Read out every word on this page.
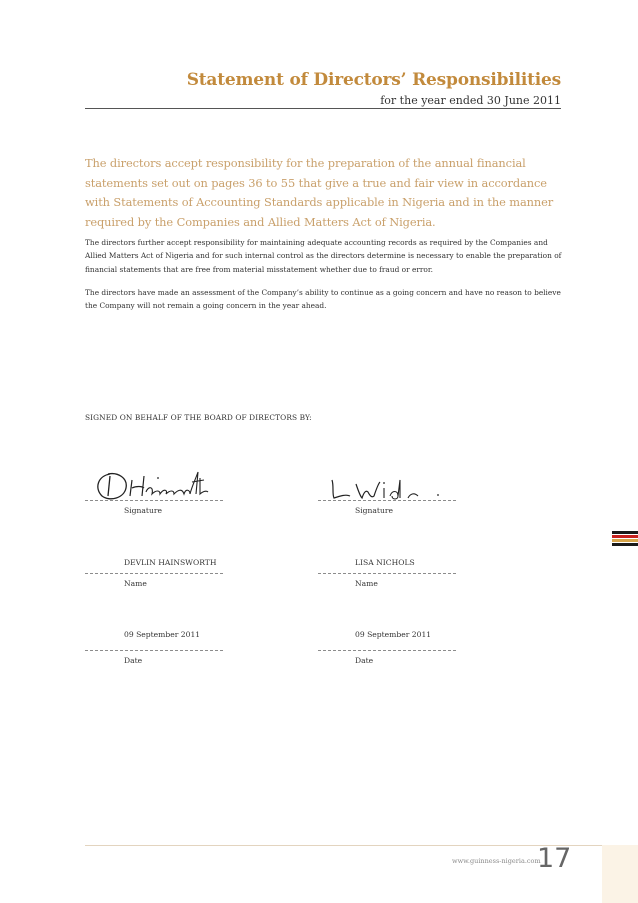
Statement of Directors’ Responsibilities
for the year ended 30 June 2011
The directors accept responsibility for the preparation of the annual financial statements set out on pages 36 to 55 that give a true and fair view in accordance with Statements of Accounting Standards applicable in Nigeria and in the manner required by the Companies and Allied Matters Act of Nigeria.
The directors further accept responsibility for maintaining adequate accounting records as required by the Companies and Allied Matters Act of Nigeria and for such internal control as the directors determine is necessary to enable the preparation of financial statements that are free from material misstatement whether due to fraud or error.
The directors have made an assessment of the Company’s ability to continue as a going concern and have no reason to believe the Company will not remain a going concern in the year ahead.
SIGNED ON BEHALF OF THE BOARD OF DIRECTORS BY:
Signature
DEVLIN HAINSWORTH
Name
09 September 2011
Date
Signature
LISA NICHOLS
Name
09 September 2011
Date
www.guinness-nigeria.com
17
